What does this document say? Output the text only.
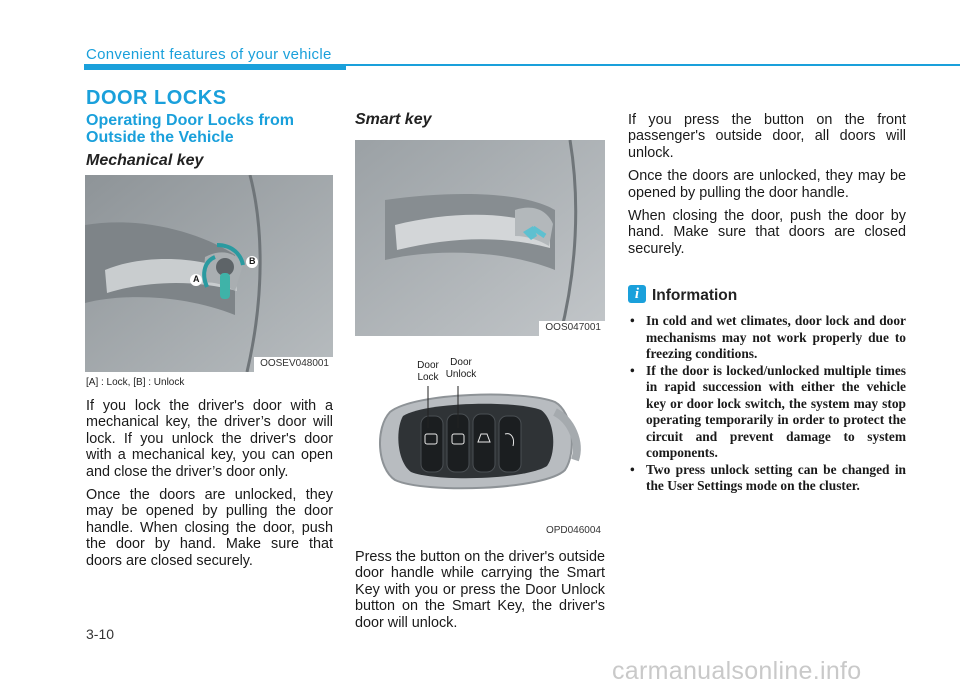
Convenient features of your vehicle
DOOR LOCKS
Operating Door Locks from Outside the Vehicle
Mechanical key
A
B
OOSEV048001
[A] : Lock, [B] : Unlock

If you lock the driver's door with a mechanical key, the driver’s door will lock. If you unlock the driver's door with a mechanical key, you can open and close the driver’s door only.

Once the doors are unlocked, they may be opened by pulling the door handle. When closing the door, push the door by hand. Make sure that doors are closed securely.

Smart key
OOS047001
Door
Lock
Door
Unlock
OPD046004

Press the button on the driver's outside door handle while carrying the Smart Key with you or press the Door Unlock button on the Smart Key, the driver's door will unlock.

If you press the button on the front passenger's outside door, all doors will unlock.

Once the doors are unlocked, they may be opened by pulling the door handle.

When closing the door, push the door by hand. Make sure that doors are closed securely.

i Information
• In cold and wet climates, door lock and door mechanisms may not work properly due to freezing conditions.
• If the door is locked/unlocked multiple times in rapid succession with either the vehicle key or door lock switch, the system may stop operating temporarily in order to protect the circuit and prevent damage to system components.
• Two press unlock setting can be changed in the User Settings mode on the cluster.
3-10
carmanualsonline.info
